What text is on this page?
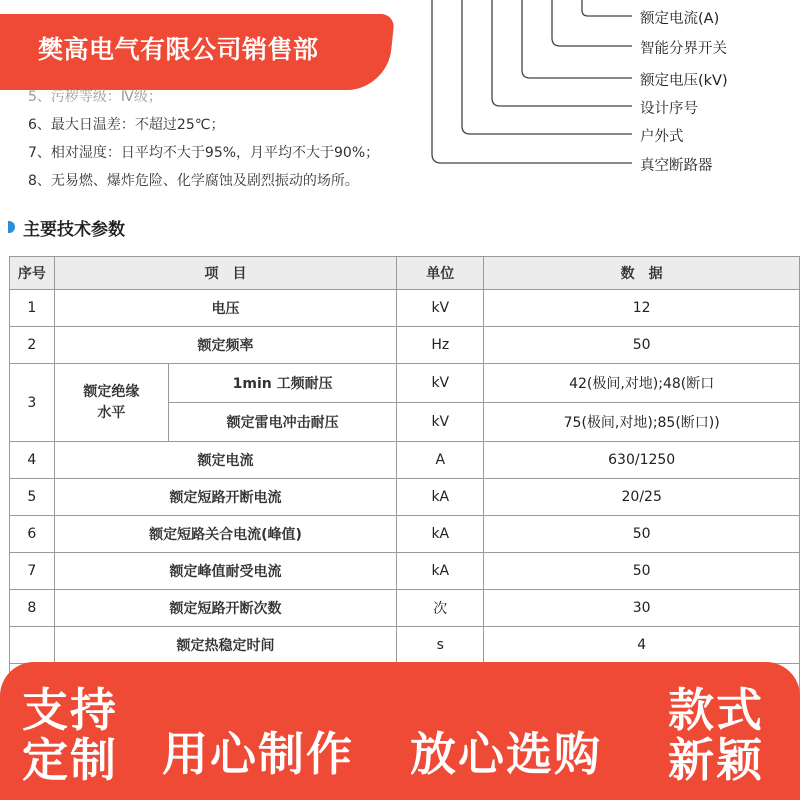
樊高电气有限公司销售部
5、污秽等级：Ⅳ级；
6、最大日温差：不超过25℃；
7、相对湿度：日平均不大于95%，月平均不大于90%；
8、无易燃、爆炸危险、化学腐蚀及剧烈振动的场所。
额定电流(A)
智能分界开关
额定电压(kV)
设计序号
户外式
真空断路器
主要技术参数
序号	项　目		单位	数　据
1	电压		kV	12
2	额定频率		Hz	50
3	额定绝缘水平	1min 工频耐压	kV	42(极间,对地);48(断口
		额定雷电冲击耐压	kV	75(极间,对地);85(断口))
4	额定电流		A	630/1250
5	额定短路开断电流		kA	20/25
6	额定短路关合电流(峰值)		kA	50
7	额定峰值耐受电流		kA	50
8	额定短路开断次数		次	30
	额定热稳定时间		s	4

支持
定制 用心制作 放心选购
款式
新颖
